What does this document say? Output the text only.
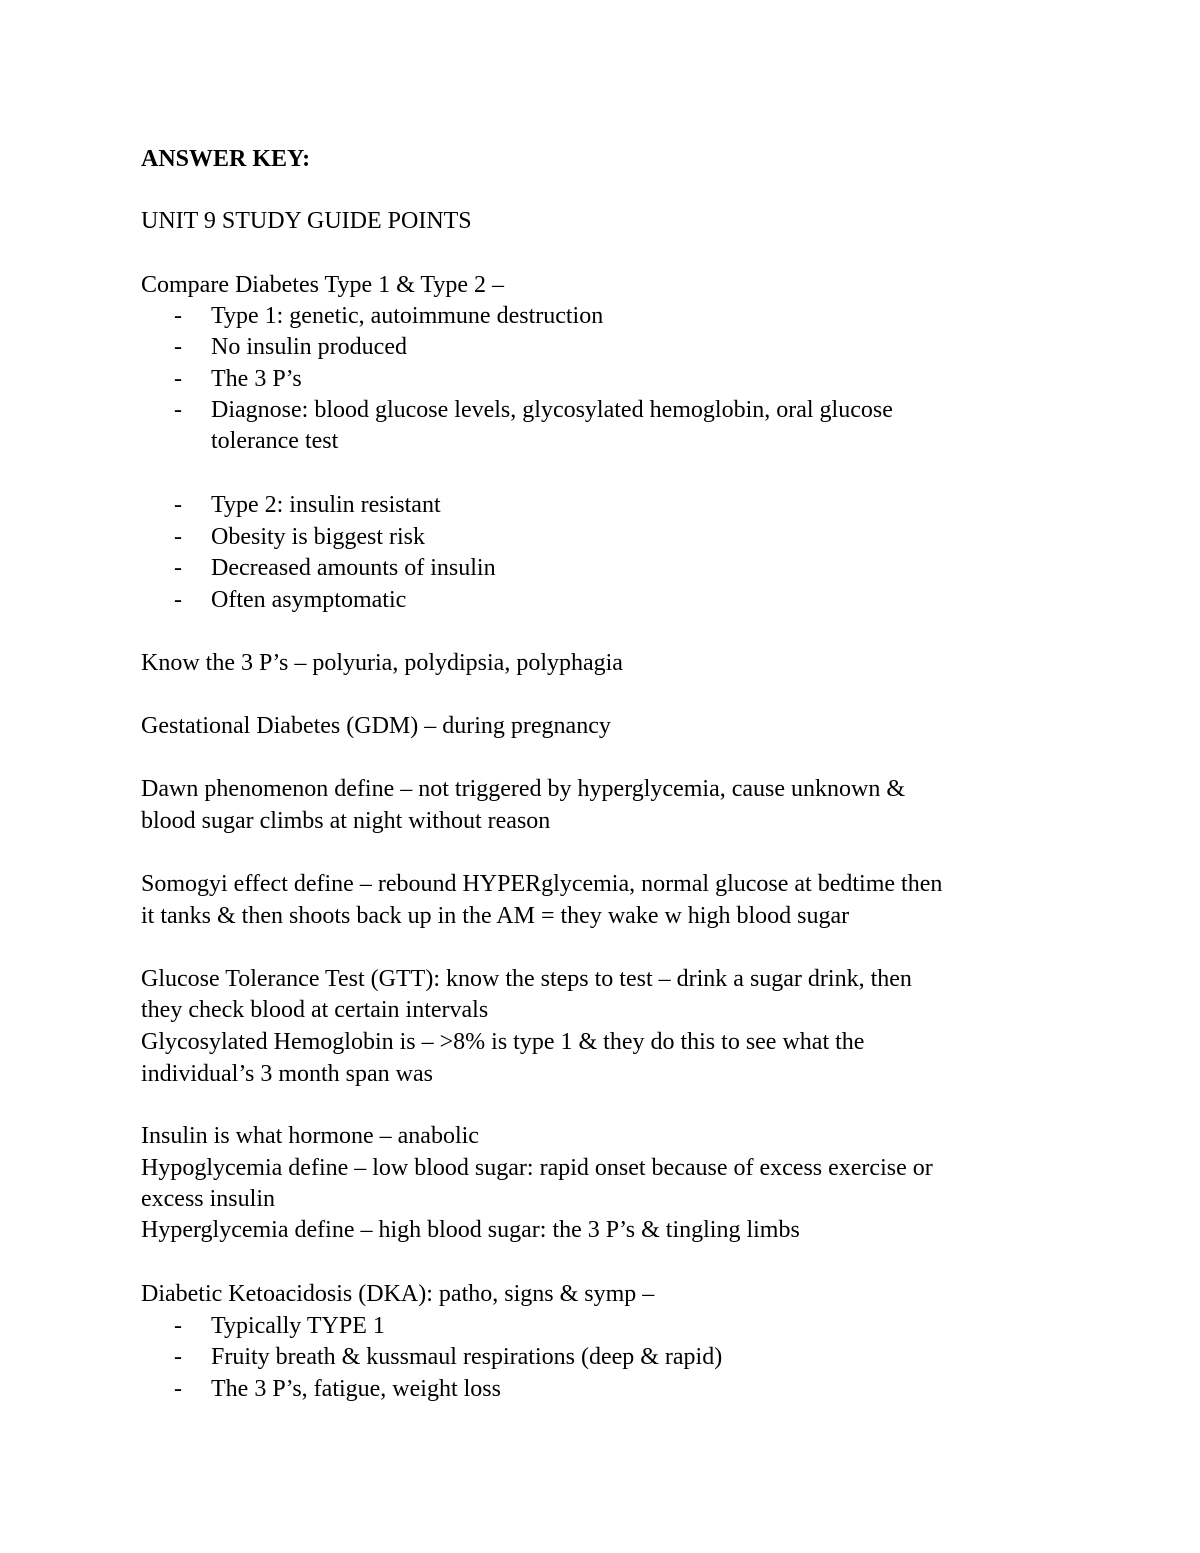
ANSWER KEY:
UNIT 9 STUDY GUIDE POINTS
Compare Diabetes Type 1 & Type 2 –
- Type 1: genetic, autoimmune destruction
- No insulin produced
- The 3 P’s
- Diagnose: blood glucose levels, glycosylated hemoglobin, oral glucose
tolerance test
- Type 2: insulin resistant
- Obesity is biggest risk
- Decreased amounts of insulin
- Often asymptomatic
Know the 3 P’s – polyuria, polydipsia, polyphagia
Gestational Diabetes (GDM) – during pregnancy
Dawn phenomenon define – not triggered by hyperglycemia, cause unknown &
blood sugar climbs at night without reason
Somogyi effect define – rebound HYPERglycemia, normal glucose at bedtime then
it tanks & then shoots back up in the AM = they wake w high blood sugar
Glucose Tolerance Test (GTT): know the steps to test – drink a sugar drink, then
they check blood at certain intervals
Glycosylated Hemoglobin is – >8% is type 1 & they do this to see what the
individual’s 3 month span was
Insulin is what hormone – anabolic
Hypoglycemia define – low blood sugar: rapid onset because of excess exercise or
excess insulin
Hyperglycemia define – high blood sugar: the 3 P’s & tingling limbs
Diabetic Ketoacidosis (DKA): patho, signs & symp –
- Typically TYPE 1
- Fruity breath & kussmaul respirations (deep & rapid)
- The 3 P’s, fatigue, weight loss
